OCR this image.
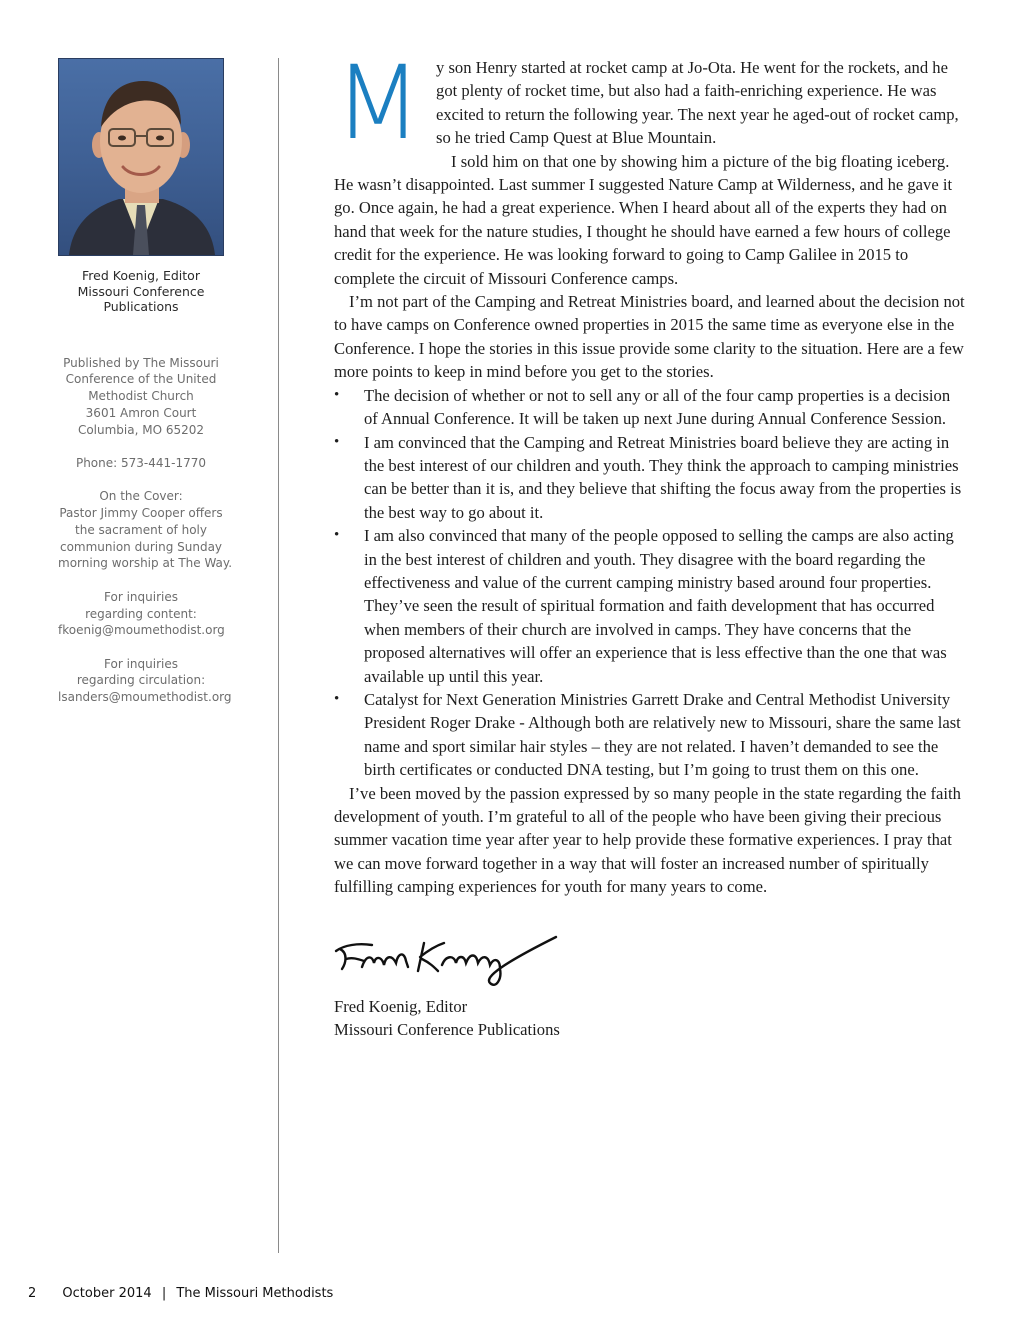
Fred Koenig, Editor
Missouri Conference
Publications
Published by The Missouri
Conference of the United
Methodist Church
3601 Amron Court
Columbia, MO 65202
Phone: 573-441-1770
On the Cover:
Pastor Jimmy Cooper offers
the sacrament of holy
communion during Sunday
morning worship at The Way.
For inquiries
regarding content:
fkoenig@moumethodist.org
For inquiries
regarding circulation:
lsanders@moumethodist.org
M y son Henry started at rocket camp at Jo-Ota. He went for the rockets, and he got plenty of rocket time, but also had a faith-enriching experience. He was excited to return the following year. The next year he aged-out of rocket camp, so he tried Camp Quest at Blue Mountain.

I sold him on that one by showing him a picture of the big floating iceberg. He wasn’t disappointed. Last summer I suggested Nature Camp at Wilderness, and he gave it go. Once again, he had a great experience. When I heard about all of the experts they had on hand that week for the nature studies, I thought he should have earned a few hours of college credit for the experience. He was looking forward to going to Camp Galilee in 2015 to complete the circuit of Missouri Conference camps.

I’m not part of the Camping and Retreat Ministries board, and learned about the decision not to have camps on Conference owned properties in 2015 the same time as everyone else in the Conference. I hope the stories in this issue provide some clarity to the situation. Here are a few more points to keep in mind before you get to the stories.

• The decision of whether or not to sell any or all of the four camp properties is a decision of Annual Conference. It will be taken up next June during Annual Conference Session.
• I am convinced that the Camping and Retreat Ministries board believe they are acting in the best interest of our children and youth. They think the approach to camping ministries can be better than it is, and they believe that shifting the focus away from the properties is the best way to go about it.
• I am also convinced that many of the people opposed to selling the camps are also acting in the best interest of children and youth. They disagree with the board regarding the effectiveness and value of the current camping ministry based around four properties. They’ve seen the result of spiritual formation and faith development that has occurred when members of their church are involved in camps. They have concerns that the proposed alternatives will offer an experience that is less effective than the one that was available up until this year.
• Catalyst for Next Generation Ministries Garrett Drake and Central Methodist University President Roger Drake - Although both are relatively new to Missouri, share the same last name and sport similar hair styles – they are not related. I haven’t demanded to see the birth certificates or conducted DNA testing, but I’m going to trust them on this one.

I’ve been moved by the passion expressed by so many people in the state regarding the faith development of youth. I’m grateful to all of the people who have been giving their precious summer vacation time year after year to help provide these formative experiences. I pray that we can move forward together in a way that will foster an increased number of spiritually fulfilling camping experiences for youth for many years to come.

Fred Koenig, Editor
Missouri Conference Publications
2 October 2014 | The Missouri Methodists
